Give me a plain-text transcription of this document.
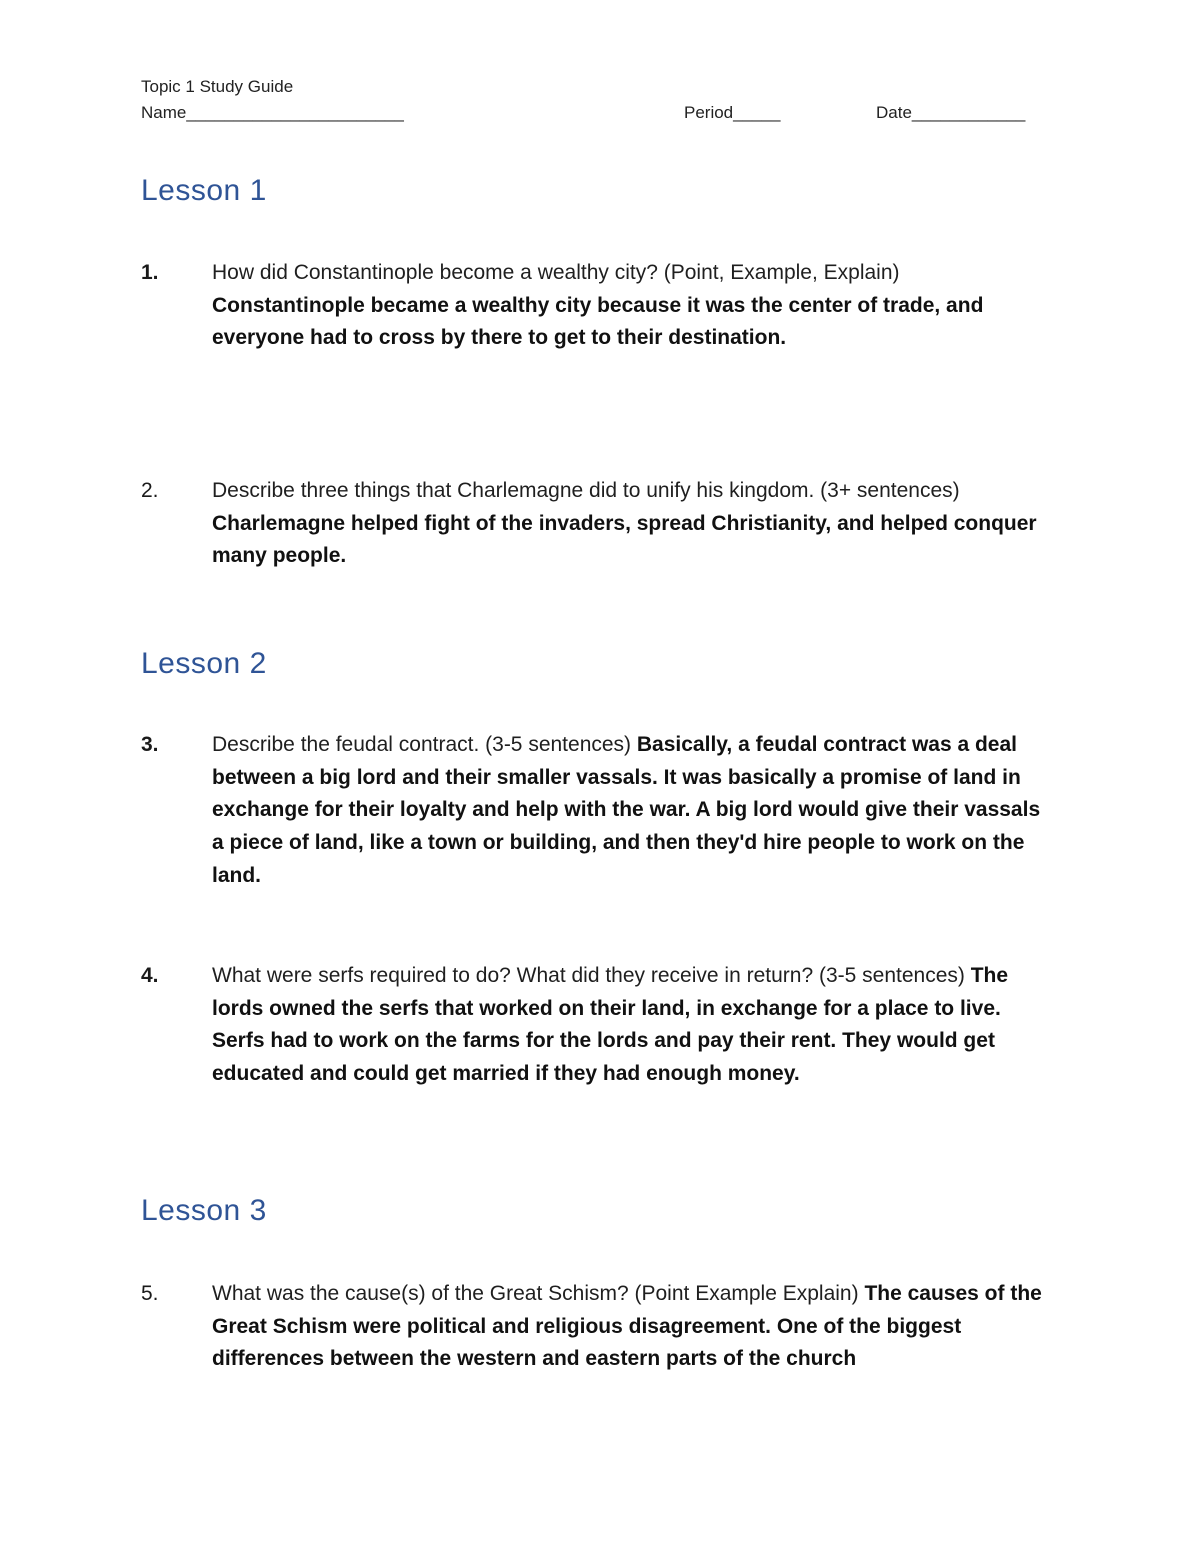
Topic 1 Study Guide
Name_______________________	Period_____	Date____________
Lesson 1
1.	How did Constantinople become a wealthy city? (Point, Example, Explain) Constantinople became a wealthy city because it was the center of trade, and everyone had to cross by there to get to their destination.
2.	Describe three things that Charlemagne did to unify his kingdom. (3+ sentences) Charlemagne helped fight of the invaders, spread Christianity, and helped conquer many people.
Lesson 2
3.	Describe the feudal contract. (3-5 sentences) Basically, a feudal contract was a deal between a big lord and their smaller vassals. It was basically a promise of land in exchange for their loyalty and help with the war. A big lord would give their vassals a piece of land, like a town or building, and then they'd hire people to work on the land.
4.	What were serfs required to do? What did they receive in return? (3-5 sentences) The lords owned the serfs that worked on their land, in exchange for a place to live. Serfs had to work on the farms for the lords and pay their rent. They would get educated and could get married if they had enough money.
Lesson 3
5.	What was the cause(s) of the Great Schism? (Point Example Explain) The causes of the Great Schism were political and religious disagreement. One of the biggest differences between the western and eastern parts of the church
